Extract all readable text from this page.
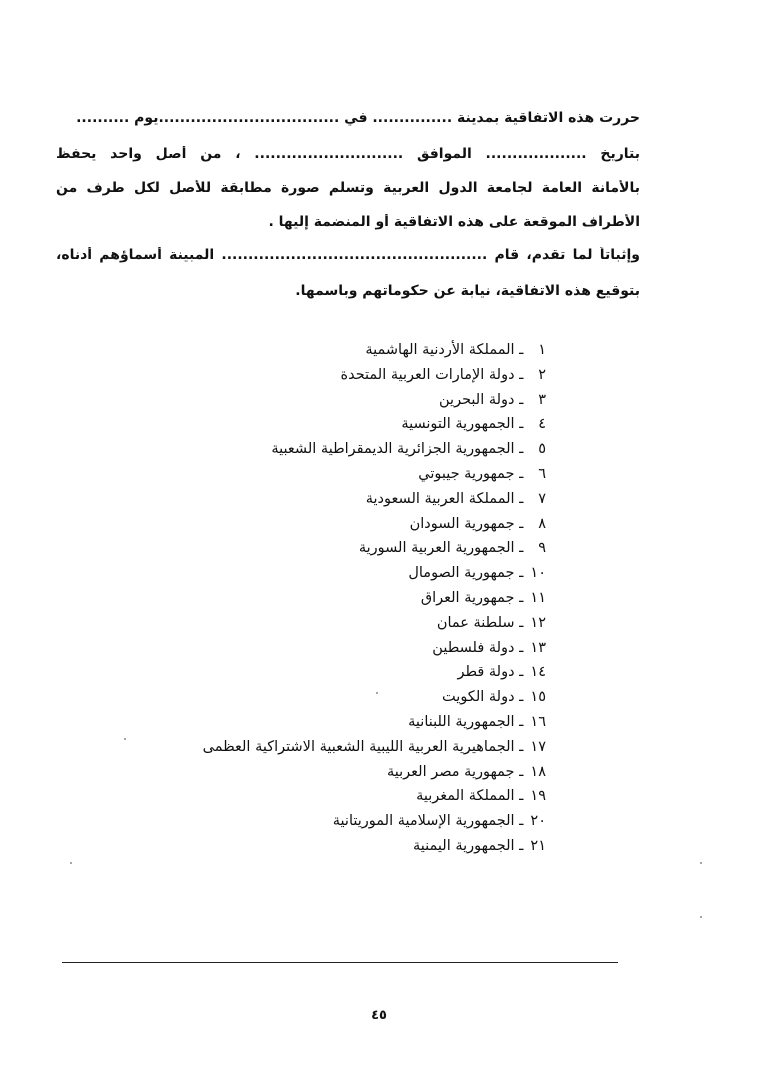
حررت هذه الاتفاقية بمدينة ............... في ..................................يوم ..........
بتاريخ ................... الموافق ............................ ، من أصل واحد يحفظ
بالأمانة العامة لجامعة الدول العربية وتسلم صورة مطابقة للأصل لكل طرف من
الأطراف الموقعة على هذه الاتفاقية أو المنضمة إليها .
وإثباتاً لما تقدم، قام .................................................. المبينة أسماؤهم أدناه،
بتوقيع هذه الاتفاقية، نيابة عن حكوماتهم وباسمها.
١ ـ المملكة الأردنية الهاشمية
٢ ـ دولة الإمارات العربية المتحدة
٣ ـ دولة البحرين
٤ ـ الجمهورية التونسية
٥ ـ الجمهورية الجزائرية الديمقراطية الشعبية
٦ ـ جمهورية جيبوتي
٧ ـ المملكة العربية السعودية
٨ ـ جمهورية السودان
٩ ـ الجمهورية العربية السورية
١٠ ـ جمهورية الصومال
١١ ـ جمهورية العراق
١٢ ـ سلطنة عمان
١٣ ـ دولة فلسطين
١٤ ـ دولة قطر
١٥ ـ دولة الكويت
١٦ ـ الجمهورية اللبنانية
١٧ ـ الجماهيرية العربية الليبية الشعبية الاشتراكية العظمى
١٨ ـ جمهورية مصر العربية
١٩ ـ المملكة المغربية
٢٠ ـ الجمهورية الإسلامية الموريتانية
٢١ ـ الجمهورية اليمنية
٤٥
